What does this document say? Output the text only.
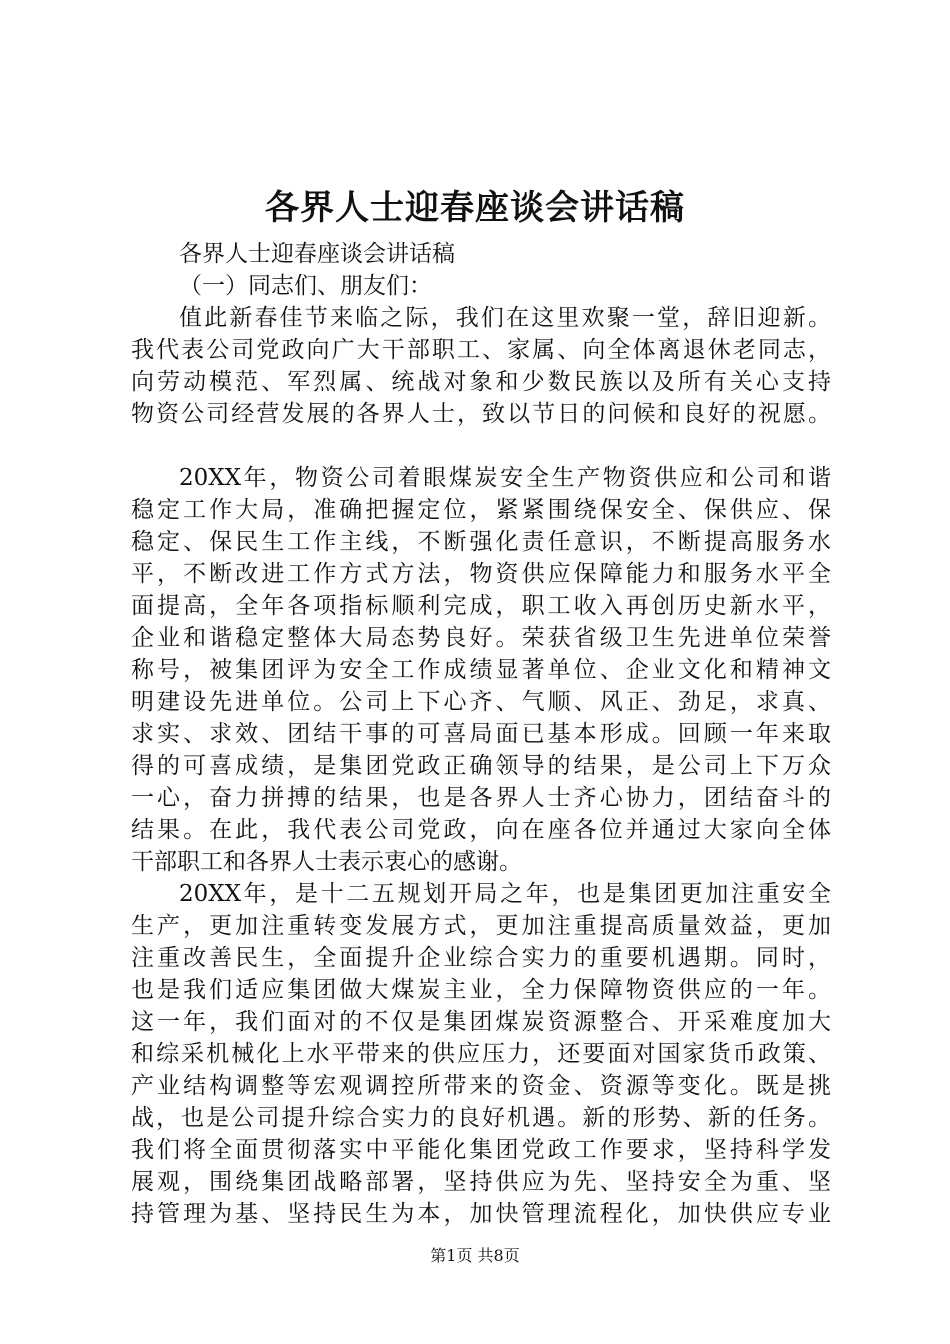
各界人士迎春座谈会讲话稿
各界人士迎春座谈会讲话稿
（一）同志们、朋友们：
值此新春佳节来临之际，我们在这里欢聚一堂，辞旧迎新。
我代表公司党政向广大干部职工、家属、向全体离退休老同志，
向劳动模范、军烈属、统战对象和少数民族以及所有关心支持
物资公司经营发展的各界人士，致以节日的问候和良好的祝愿。
20XX年，物资公司着眼煤炭安全生产物资供应和公司和谐
稳定工作大局，准确把握定位，紧紧围绕保安全、保供应、保
稳定、保民生工作主线，不断强化责任意识，不断提高服务水
平，不断改进工作方式方法，物资供应保障能力和服务水平全
面提高，全年各项指标顺利完成，职工收入再创历史新水平，
企业和谐稳定整体大局态势良好。荣获省级卫生先进单位荣誉
称号，被集团评为安全工作成绩显著单位、企业文化和精神文
明建设先进单位。公司上下心齐、气顺、风正、劲足，求真、
求实、求效、团结干事的可喜局面已基本形成。回顾一年来取
得的可喜成绩，是集团党政正确领导的结果，是公司上下万众
一心，奋力拼搏的结果，也是各界人士齐心协力，团结奋斗的
结果。在此，我代表公司党政，向在座各位并通过大家向全体
干部职工和各界人士表示衷心的感谢。
20XX年，是十二五规划开局之年，也是集团更加注重安全
生产，更加注重转变发展方式，更加注重提高质量效益，更加
注重改善民生，全面提升企业综合实力的重要机遇期。同时，
也是我们适应集团做大煤炭主业，全力保障物资供应的一年。
这一年，我们面对的不仅是集团煤炭资源整合、开采难度加大
和综采机械化上水平带来的供应压力，还要面对国家货币政策、
产业结构调整等宏观调控所带来的资金、资源等变化。既是挑
战，也是公司提升综合实力的良好机遇。新的形势、新的任务。
我们将全面贯彻落实中平能化集团党政工作要求，坚持科学发
展观，围绕集团战略部署，坚持供应为先、坚持安全为重、坚
持管理为基、坚持民生为本，加快管理流程化，加快供应专业
第1页 共8页
